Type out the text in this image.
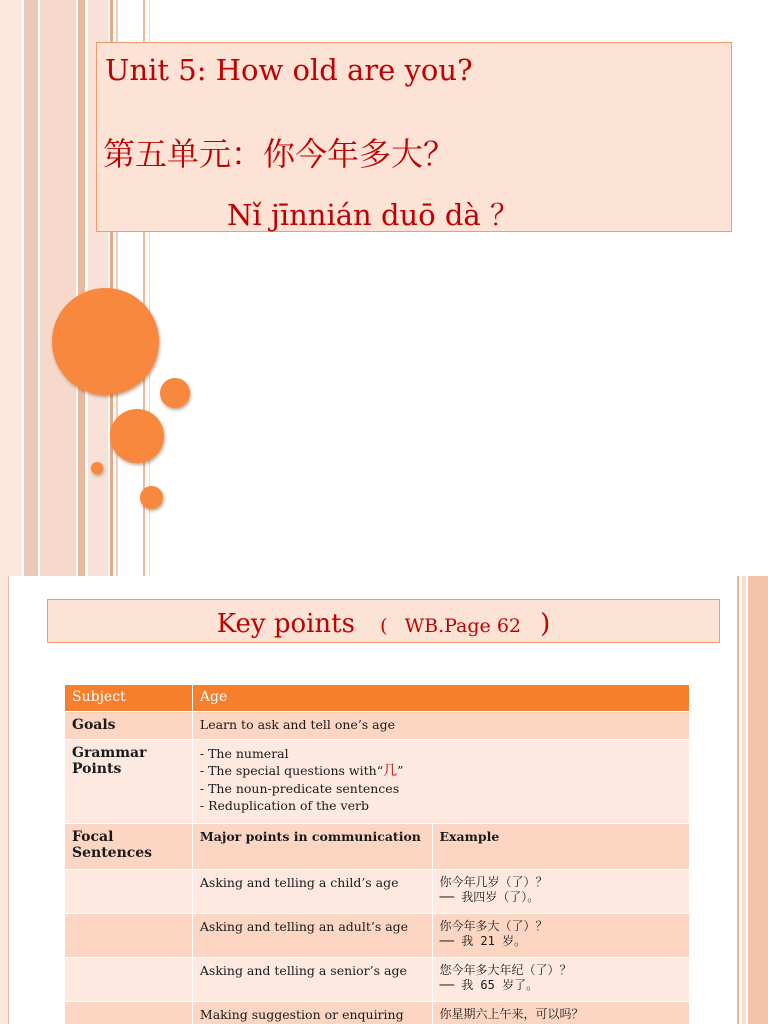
Unit 5: How old are you?
第五单元：你今年多大？
Nǐ jīnnián duō dà ？
Key points ( WB.Page 62 )
Subject	Age	
Goals	Learn to ask and tell one’s age	
Grammar Points	- The numeral
- The special questions with“几”
- The noun-predicate sentences
- Reduplication of the verb	

Focal Sentences	Major points in communication	Example
	Asking and telling a child’s age	你今年几岁（了）？
── 我四岁（了）。

	Asking and telling an adult’s age	你今年多大（了）？
── 我 21 岁。

	Asking and telling a senior’s age	您今年多大年纪（了）？
── 我 65 岁了。

	Making suggestion or enquiring	你星期六上午来，可以吗？
